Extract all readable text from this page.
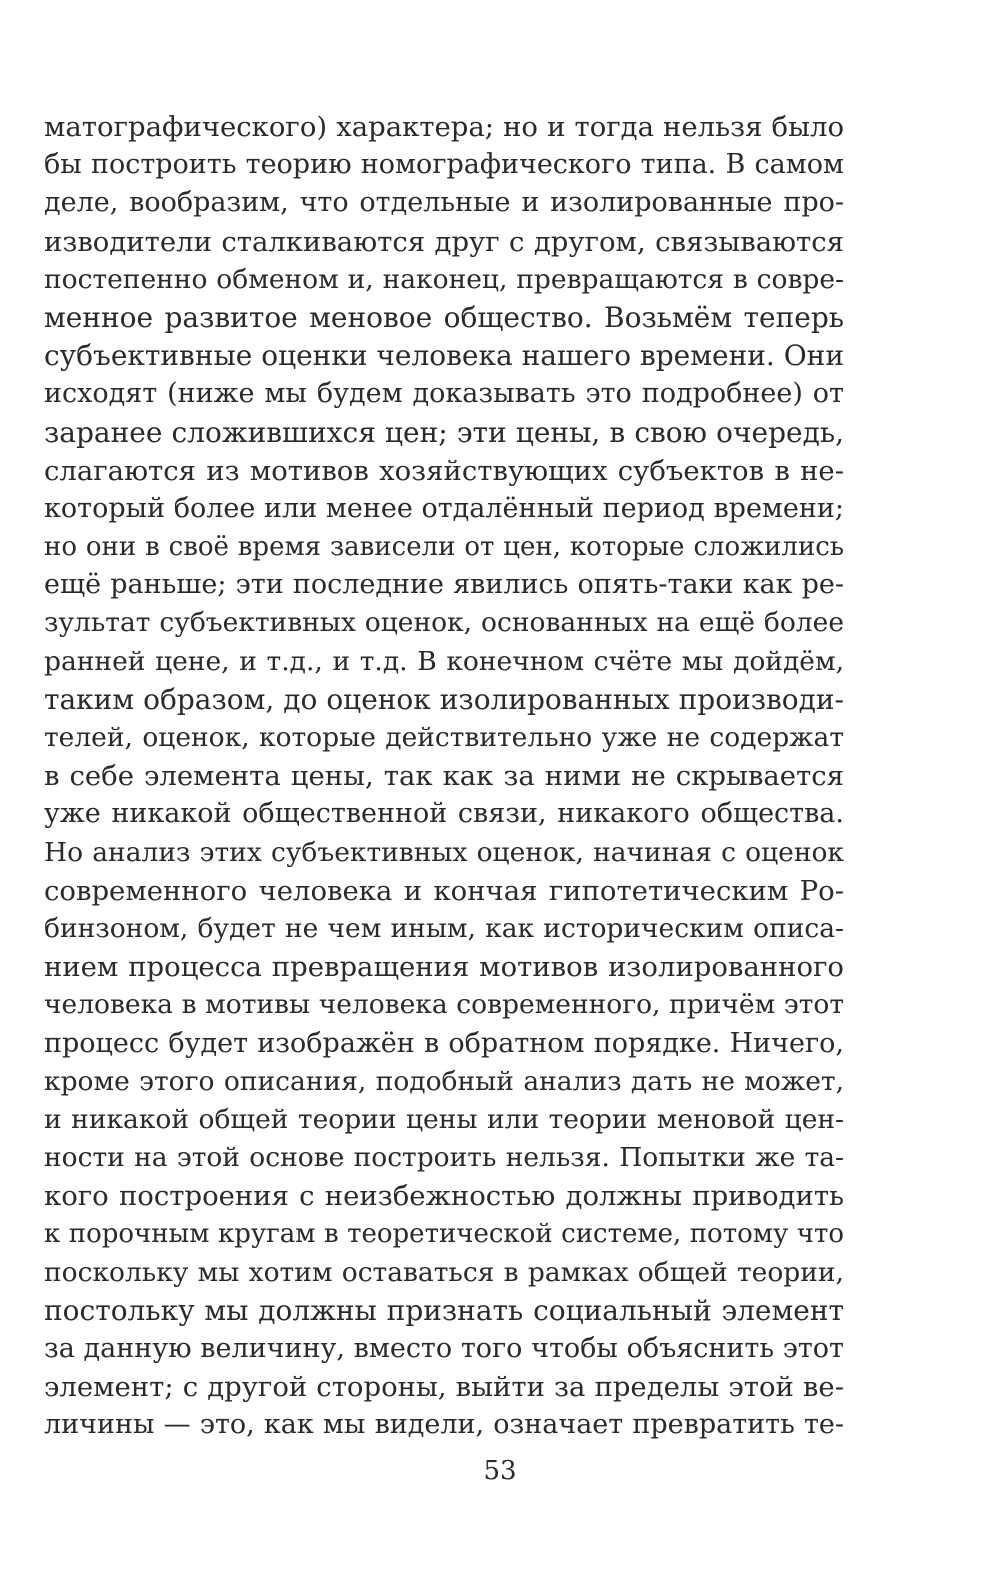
матографического) характера; но и тогда нельзя было
бы построить теорию номографического типа. В самом
деле, вообразим, что отдельные и изолированные про-
изводители сталкиваются друг с другом, связываются
постепенно обменом и, наконец, превращаются в совре-
менное развитое меновое общество. Возьмём теперь
субъективные оценки человека нашего времени. Они
исходят (ниже мы будем доказывать это подробнее) от
заранее сложившихся цен; эти цены, в свою очередь,
слагаются из мотивов хозяйствующих субъектов в не-
который более или менее отдалённый период времени;
но они в своё время зависели от цен, которые сложились
ещё раньше; эти последние явились опять-таки как ре-
зультат субъективных оценок, основанных на ещё более
ранней цене, и т.д., и т.д. В конечном счёте мы дойдём,
таким образом, до оценок изолированных производи-
телей, оценок, которые действительно уже не содержат
в себе элемента цены, так как за ними не скрывается
уже никакой общественной связи, никакого общества.
Но анализ этих субъективных оценок, начиная с оценок
современного человека и кончая гипотетическим Ро-
бинзоном, будет не чем иным, как историческим описа-
нием процесса превращения мотивов изолированного
человека в мотивы человека современного, причём этот
процесс будет изображён в обратном порядке. Ничего,
кроме этого описания, подобный анализ дать не может,
и никакой общей теории цены или теории меновой цен-
ности на этой основе построить нельзя. Попытки же та-
кого построения с неизбежностью должны приводить
к порочным кругам в теоретической системе, потому что
поскольку мы хотим оставаться в рамках общей теории,
постольку мы должны признать социальный элемент
за данную величину, вместо того чтобы объяснить этот
элемент; с другой стороны, выйти за пределы этой ве-
личины — это, как мы видели, означает превратить те-
53
